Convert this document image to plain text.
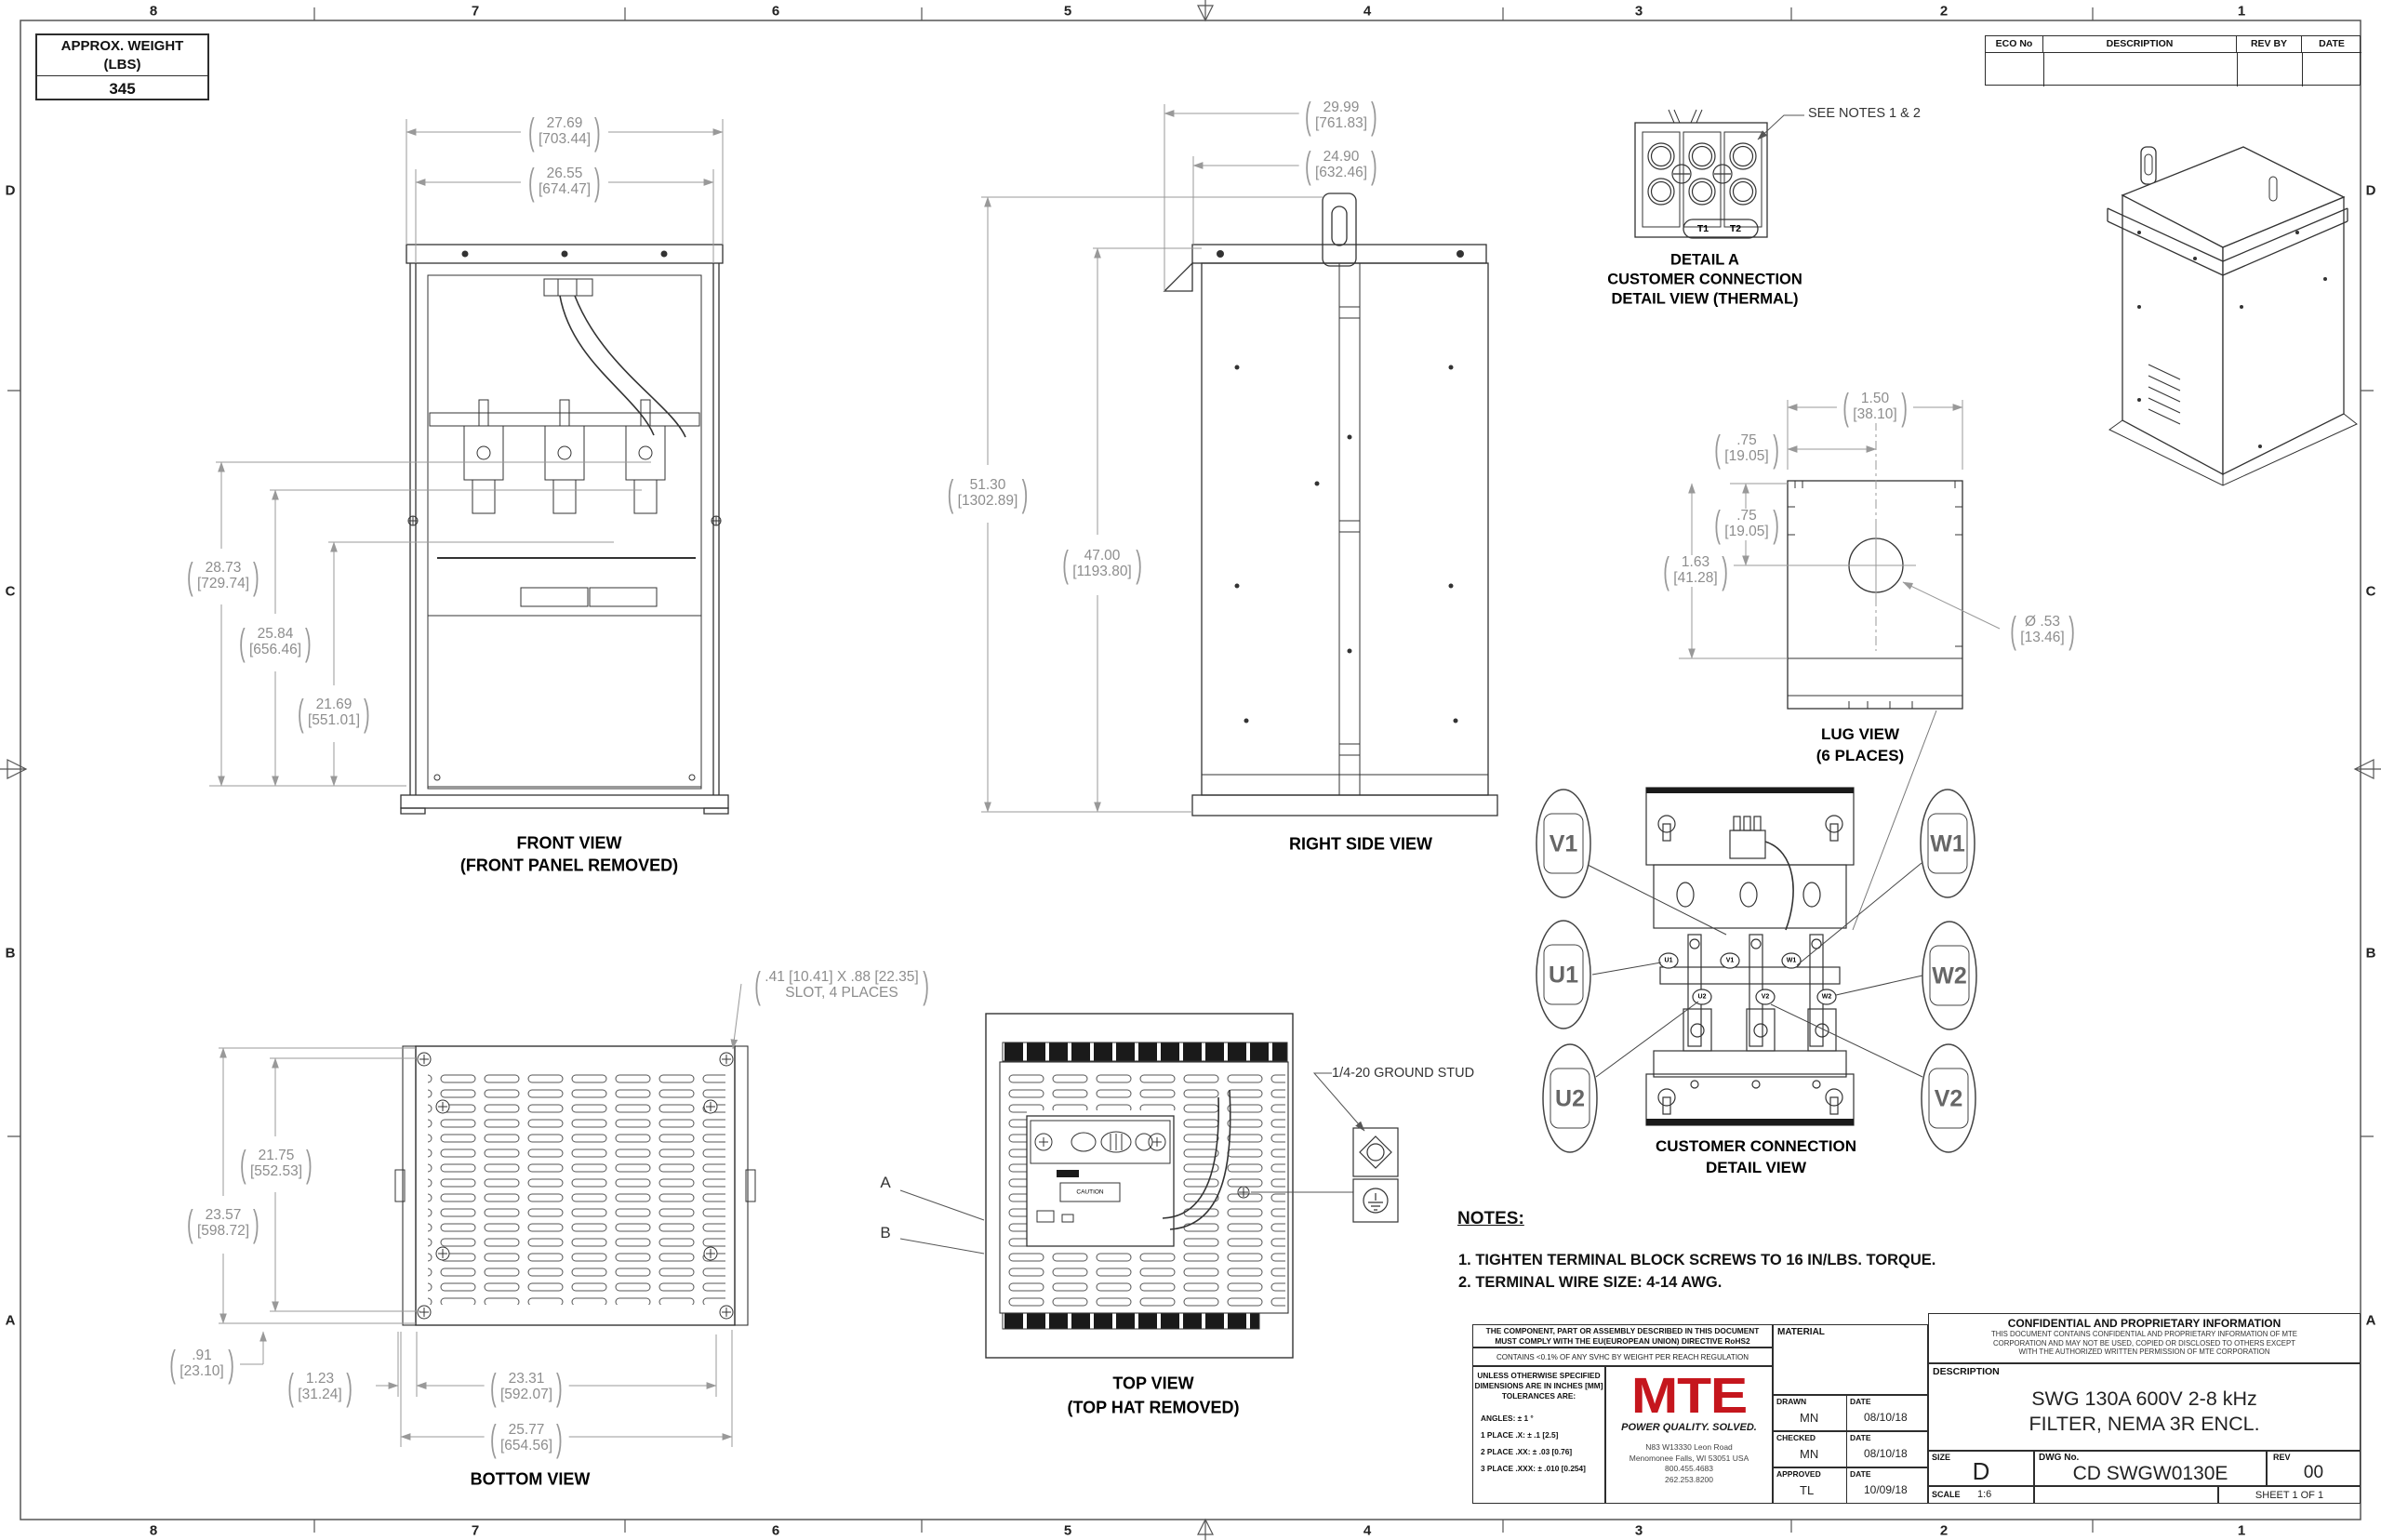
8	7	6	5	4	3	2	1
8	7	6	5	4	3	2	1
D
C
B
A
D
C
B
A
APPROX. WEIGHT
(LBS)
345
ECO No	DESCRIPTION	REV BY	DATE
( 27.69
[703.44] )
( 26.55
[674.47] )
( 28.73
[729.74] )
( 25.84
[656.46] )
( 21.69
[551.01] )
( 29.99
[761.83] )
( 24.90
[632.46] )
( 51.30
[1302.89] )
( 47.00
[1193.80] )
( 1.50
[38.10] )
( .75
[19.05] )
( .75
[19.05] )
( 1.63
[41.28] )
( Ø .53
[13.46] )
( 21.75
[552.53] )
( 23.57
[598.72] )
( .91
[23.10] )
( 1.23
[31.24] )	( 23.31
[592.07] )
( 25.77
[654.56] )
( .41 [10.41] X .88 [22.35]
SLOT, 4 PLACES )
FRONT VIEW
(FRONT PANEL REMOVED)
RIGHT SIDE VIEW
DETAIL A
CUSTOMER CONNECTION
DETAIL VIEW (THERMAL)
SEE NOTES 1 & 2
T1 T2
LUG VIEW
(6 PLACES)
CUSTOMER CONNECTION
DETAIL VIEW
TOP VIEW
(TOP HAT REMOVED)
BOTTOM VIEW
1/4-20 GROUND STUD
A
B
CAUTION
V1
U1
U2
W1
W2
V2
U1	V1	W1
U2	V2	W2
NOTES:
1. TIGHTEN TERMINAL BLOCK SCREWS TO 16 IN/LBS. TORQUE.
2. TERMINAL WIRE SIZE: 4-14 AWG.
THE COMPONENT, PART OR ASSEMBLY DESCRIBED IN THIS DOCUMENT
MUST COMPLY WITH THE EU(EUROPEAN UNION) DIRECTIVE RoHS2
CONTAINS <0.1% OF ANY SVHC BY WEIGHT PER REACH REGULATION
UNLESS OTHERWISE SPECIFIED
DIMENSIONS ARE IN INCHES [MM]
TOLERANCES ARE:
ANGLES: ± 1 °
1 PLACE .X: ± .1 [2.5]
2 PLACE .XX: ± .03 [0.76]
3 PLACE .XXX: ± .010 [0.254]
MTE
POWER QUALITY. SOLVED.
N83 W13330 Leon Road
Menomonee Falls, WI 53051 USA
800.455.4683
262.253.8200
MATERIAL
DRAWN
MN
DATE
08/10/18
CHECKED
MN
DATE
08/10/18
APPROVED
TL
DATE
10/09/18
CONFIDENTIAL AND PROPRIETARY INFORMATION
THIS DOCUMENT CONTAINS CONFIDENTIAL AND PROPRIETARY INFORMATION OF MTE
CORPORATION AND MAY NOT BE USED, COPIED OR DISCLOSED TO OTHERS EXCEPT
WITH THE AUTHORIZED WRITTEN PERMISSION OF MTE CORPORATION
DESCRIPTION
SWG 130A 600V 2-8 kHz
FILTER, NEMA 3R ENCL.
SIZE D	DWG No.
CD SWGW0130E
REV
00
SCALE 1:6	SHEET 1 OF 1
